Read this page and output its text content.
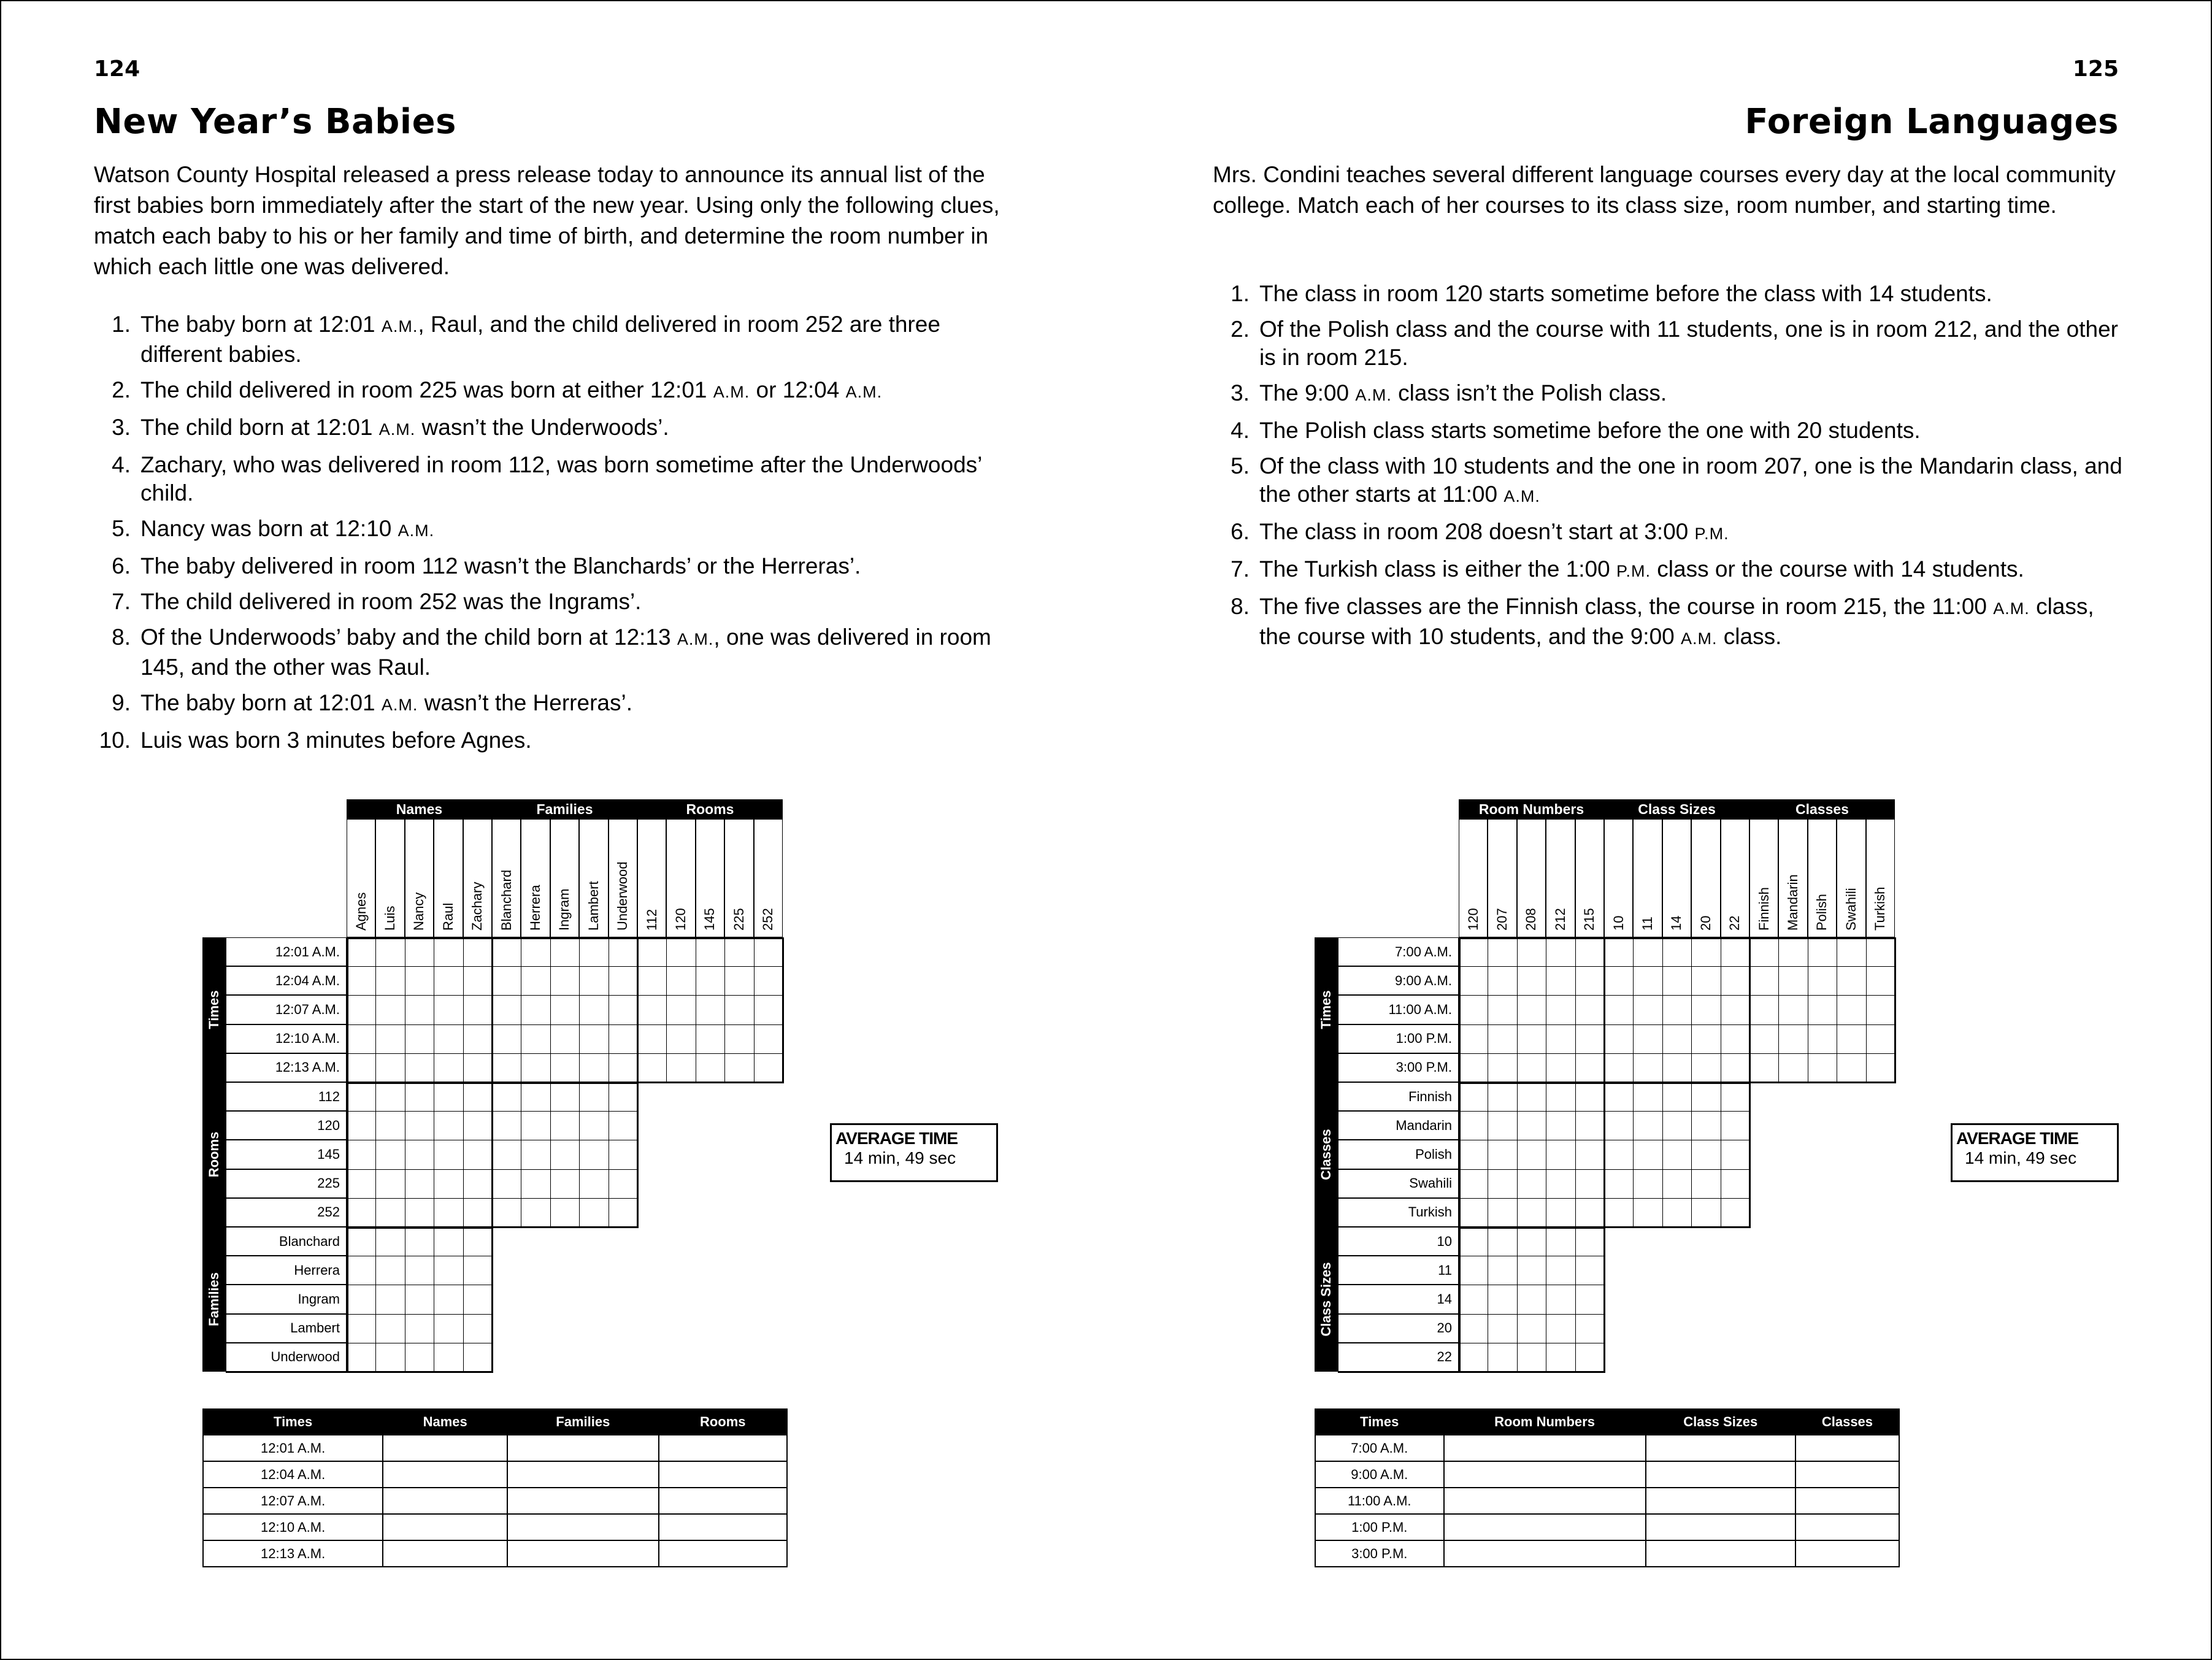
124
New Year’s Babies
Watson County Hospital released a press release today to announce its annual list of the first babies born immediately after the start of the new year. Using only the following clues, match each baby to his or her family and time of birth, and determine the room number in which each little one was delivered.
1. The baby born at 12:01 A.M., Raul, and the child delivered in room 252 are three different babies.
2. The child delivered in room 225 was born at either 12:01 A.M. or 12:04 A.M.
3. The child born at 12:01 A.M. wasn’t the Underwoods’.
4. Zachary, who was delivered in room 112, was born sometime after the Underwoods’ child.
5. Nancy was born at 12:10 A.M.
6. The baby delivered in room 112 wasn’t the Blanchards’ or the Herreras’.
7. The child delivered in room 252 was the Ingrams’.
8. Of the Underwoods’ baby and the child born at 12:13 A.M., one was delivered in room 145, and the other was Raul.
9. The baby born at 12:01 A.M. wasn’t the Herreras’.
10. Luis was born 3 minutes before Agnes.
Names
Agnes Luis Nancy Raul Zachary
Families
Blanchard Herrera Ingram Lambert Underwood
Rooms
112 120 145 225 252
Times
12:01 A.M.
12:04 A.M.
12:07 A.M.
12:10 A.M.
12:13 A.M.
Rooms
112
120
145
225
252
Families
Blanchard
Herrera
Ingram
Lambert
Underwood
AVERAGE TIME
14 min, 49 sec
Times	Names	Families	Rooms
12:01 A.M.			
12:04 A.M.			
12:07 A.M.			
12:10 A.M.			
12:13 A.M.			
125
Foreign Languages
Mrs. Condini teaches several different language courses every day at the local community college. Match each of her courses to its class size, room number, and starting time.
1. The class in room 120 starts sometime before the class with 14 students.
2. Of the Polish class and the course with 11 students, one is in room 212, and the other is in room 215.
3. The 9:00 A.M. class isn’t the Polish class.
4. The Polish class starts sometime before the one with 20 students.
5. Of the class with 10 students and the one in room 207, one is the Mandarin class, and the other starts at 11:00 A.M.
6. The class in room 208 doesn’t start at 3:00 P.M.
7. The Turkish class is either the 1:00 P.M. class or the course with 14 students.
8. The five classes are the Finnish class, the course in room 215, the 11:00 A.M. class, the course with 10 students, and the 9:00 A.M. class.
Room Numbers
120 207 208 212 215
Class Sizes
10 11 14 20 22
Classes
Finnish Mandarin Polish Swahili Turkish
Times
7:00 A.M.
9:00 A.M.
11:00 A.M.
1:00 P.M.
3:00 P.M.
Classes
Finnish
Mandarin
Polish
Swahili
Turkish
Class Sizes
10
11
14
20
22
AVERAGE TIME
14 min, 49 sec
Times	Room Numbers	Class Sizes	Classes
7:00 A.M.			
9:00 A.M.			
11:00 A.M.			
1:00 P.M.			
3:00 P.M.			
